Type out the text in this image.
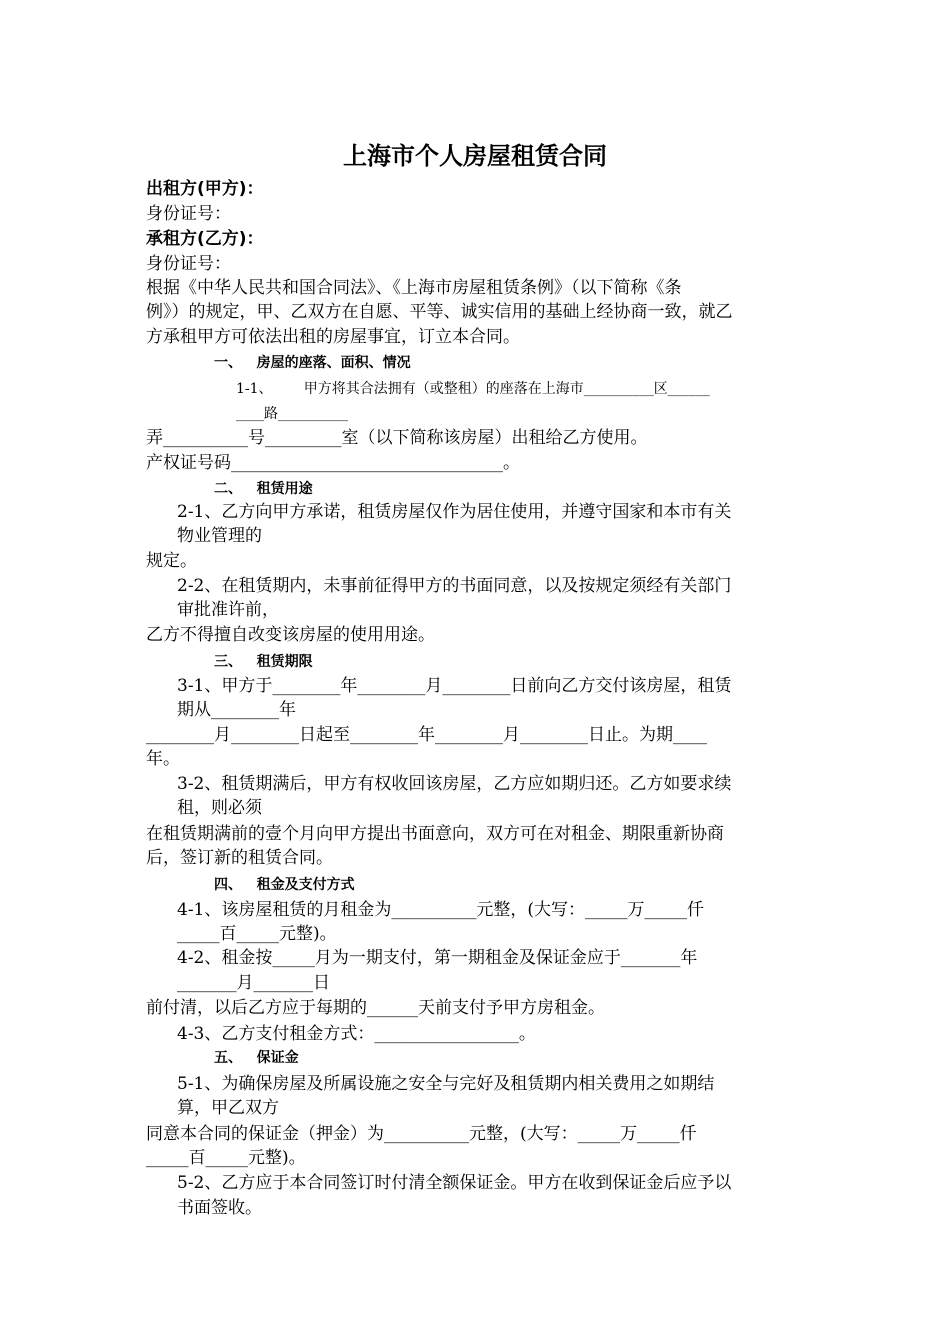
上海市个人房屋租赁合同
出租方(甲方)：
身份证号：
承租方(乙方)：
身份证号：
根据《中华人民共和国合同法》、《上海市房屋租赁条例》（以下简称《条
例》）的规定，甲、乙双方在自愿、平等、诚实信用的基础上经协商一致，就乙
方承租甲方可依法出租的房屋事宜，订立本合同。
一、   房屋的座落、面积、情况
1-1、       甲方将其合法拥有（或整租）的座落在上海市__________区______
____路__________
弄__________号_________室（以下简称该房屋）出租给乙方使用。
产权证号码________________________________。
二、   租赁用途
2-1、乙方向甲方承诺，租赁房屋仅作为居住使用，并遵守国家和本市有关
物业管理的
规定。
2-2、在租赁期内，未事前征得甲方的书面同意，以及按规定须经有关部门
审批准许前，
乙方不得擅自改变该房屋的使用用途。
三、   租赁期限
3-1、甲方于________年________月________日前向乙方交付该房屋，租赁
期从________年
________月________日起至________年________月________日止。为期____
年。
3-2、租赁期满后，甲方有权收回该房屋，乙方应如期归还。乙方如要求续
租，则必须
在租赁期满前的壹个月向甲方提出书面意向，双方可在对租金、期限重新协商
后，签订新的租赁合同。
四、   租金及支付方式
4-1、该房屋租赁的月租金为__________元整，(大写：_____万_____仟
_____百_____元整)。
4-2、租金按_____月为一期支付，第一期租金及保证金应于_______年
_______月_______日
前付清，以后乙方应于每期的______天前支付予甲方房租金。
4-3、乙方支付租金方式：_________________。
五、   保证金
5-1、为确保房屋及所属设施之安全与完好及租赁期内相关费用之如期结
算，甲乙双方
同意本合同的保证金（押金）为__________元整，(大写：_____万_____仟
_____百_____元整)。
5-2、乙方应于本合同签订时付清全额保证金。甲方在收到保证金后应予以
书面签收。
